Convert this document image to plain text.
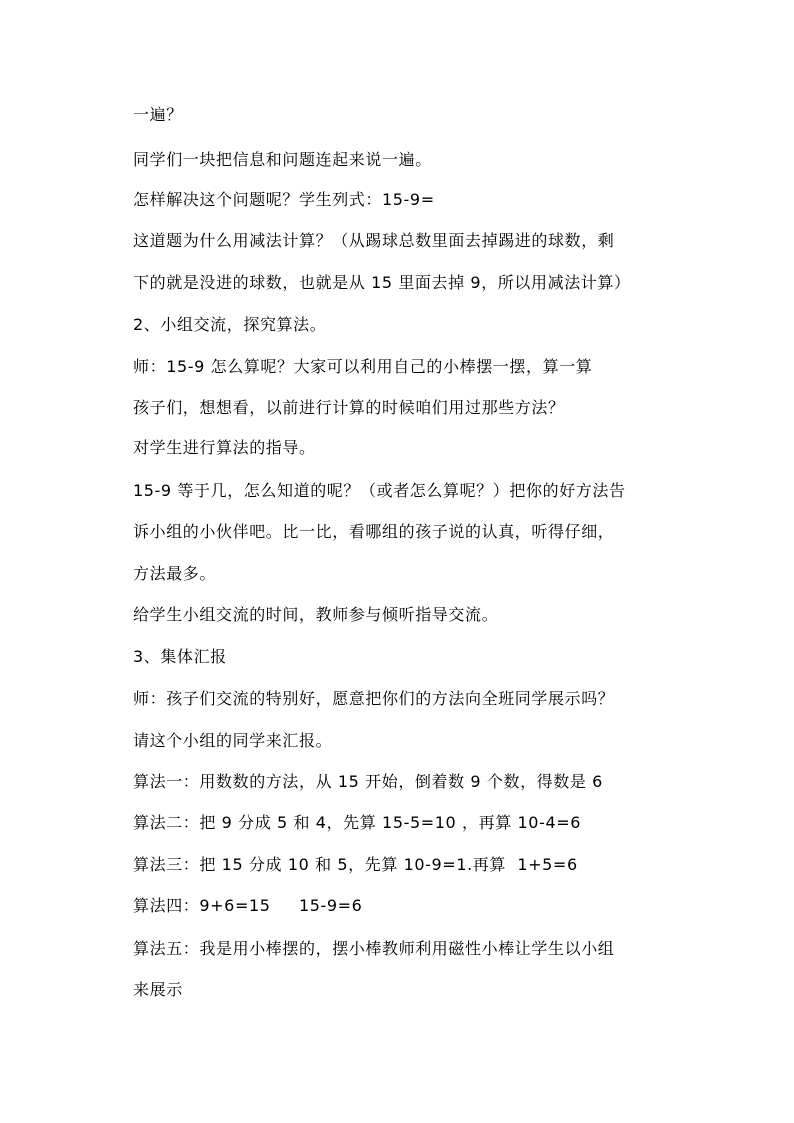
一遍？
同学们一块把信息和问题连起来说一遍。
怎样解决这个问题呢？学生列式：15-9=
这道题为什么用减法计算？（从踢球总数里面去掉踢进的球数，剩
下的就是没进的球数，也就是从 15 里面去掉 9，所以用减法计算）
2、小组交流，探究算法。
师：15-9 怎么算呢？大家可以利用自己的小棒摆一摆，算一算
孩子们，想想看，以前进行计算的时候咱们用过那些方法？
对学生进行算法的指导。
15-9 等于几，怎么知道的呢？（或者怎么算呢？）把你的好方法告
诉小组的小伙伴吧。比一比，看哪组的孩子说的认真，听得仔细，
方法最多。
给学生小组交流的时间，教师参与倾听指导交流。
3、集体汇报
师：孩子们交流的特别好，愿意把你们的方法向全班同学展示吗？
请这个小组的同学来汇报。
算法一：用数数的方法，从 15 开始，倒着数 9 个数，得数是 6
算法二：把 9 分成 5 和 4，先算 15-5=10 ，再算 10-4=6
算法三：把 15 分成 10 和 5，先算 10-9=1.再算  1+5=6
算法四：9+6=15     15-9=6
算法五：我是用小棒摆的，摆小棒教师利用磁性小棒让学生以小组
来展示
